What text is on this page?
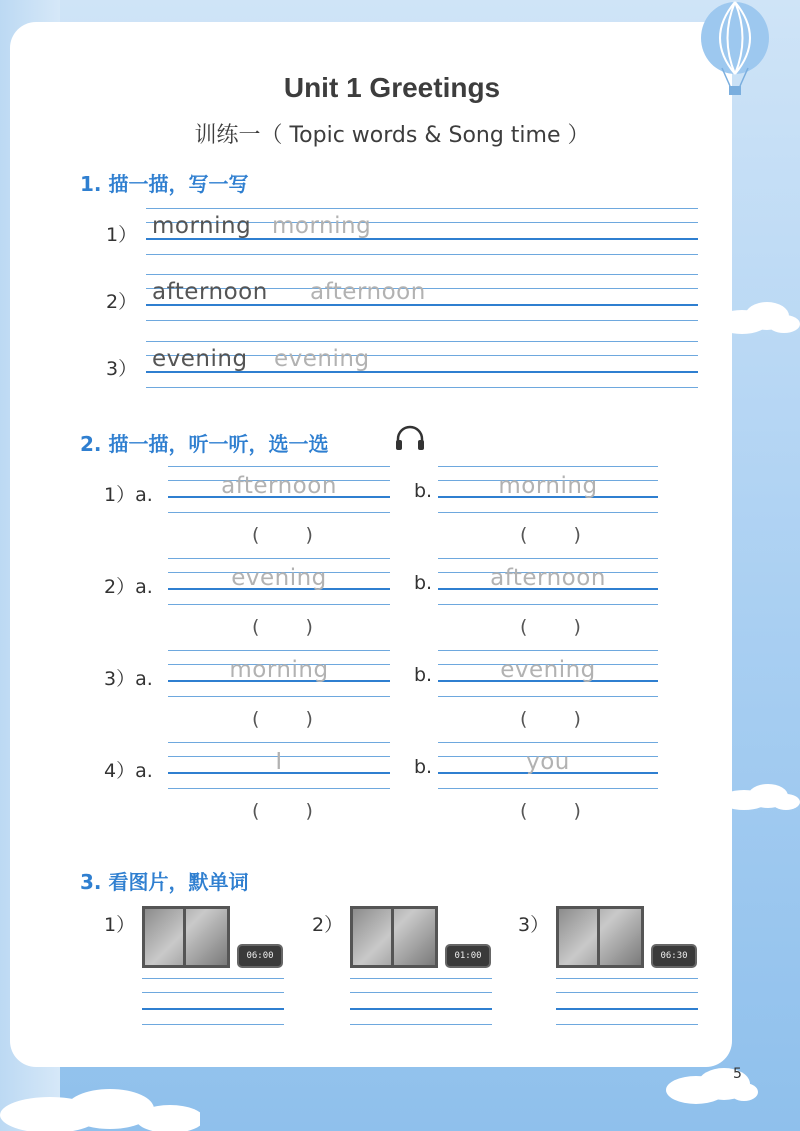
Unit 1 Greetings
训练一（ Topic words & Song time ）
1. 描一描，写一写
1） morning morning
2） afternoon afternoon
3） evening evening
2. 描一描，听一听，选一选
1）a.	afternoon	b.	morning
( )	( )
2）a.	evening	b.	afternoon
( )	( )
3）a.	morning	b.	evening
( )	( )
4）a.	I	b.	you
( )	( )
3. 看图片，默单词
1）
06:00
2）
01:00
3）
06:30
5
